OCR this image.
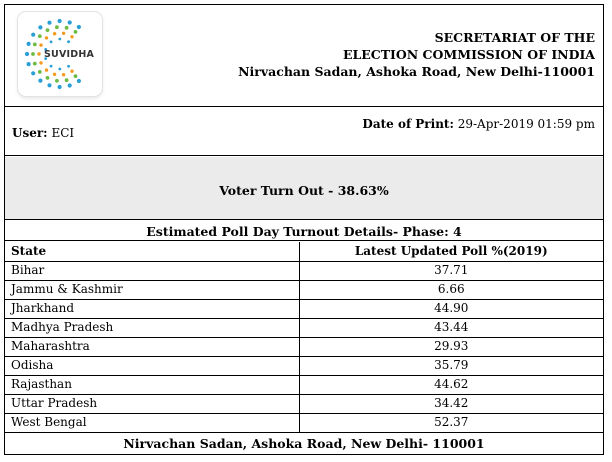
SUVIDHA
SECRETARIAT OF THE
ELECTION COMMISSION OF INDIA
Nirvachan Sadan, Ashoka Road, New Delhi-110001
User: ECI
Date of Print: 29-Apr-2019 01:59 pm
Voter Turn Out - 38.63%
Estimated Poll Day Turnout Details- Phase: 4
State	Latest Updated Poll %(2019)
Bihar	37.71
Jammu & Kashmir	6.66
Jharkhand	44.90
Madhya Pradesh	43.44
Maharashtra	29.93
Odisha	35.79
Rajasthan	44.62
Uttar Pradesh	34.42
West Bengal	52.37
Nirvachan Sadan, Ashoka Road, New Delhi- 110001
